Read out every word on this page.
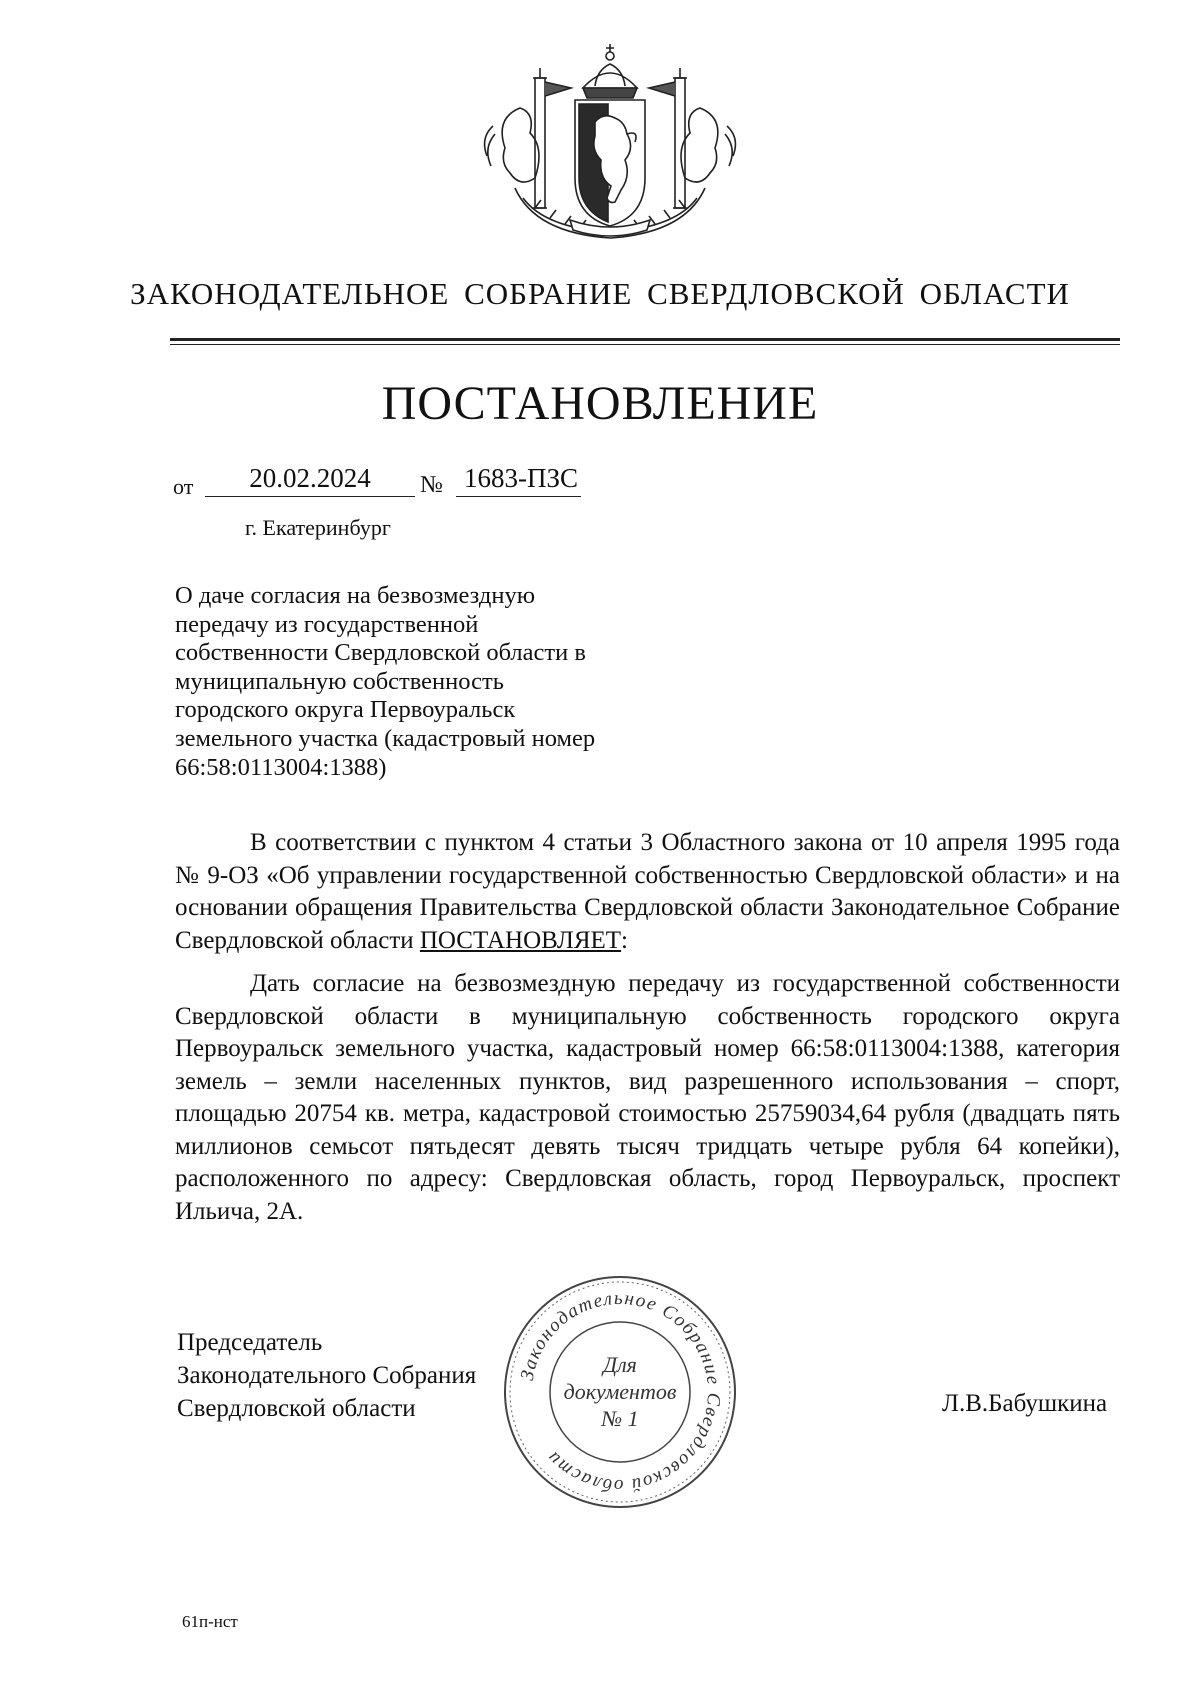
ЗАКОНОДАТЕЛЬНОЕ СОБРАНИЕ СВЕРДЛОВСКОЙ ОБЛАСТИ
ПОСТАНОВЛЕНИЕ
от	20.02.2024	№ 1683-ПЗС
г. Екатеринбург
О даче согласия на безвозмездную передачу из государственной собственности Свердловской области в муниципальную собственность городского округа Первоуральск земельного участка (кадастровый номер 66:58:0113004:1388)
В соответствии с пунктом 4 статьи 3 Областного закона от 10 апреля 1995 года № 9-ОЗ «Об управлении государственной собственностью Свердловской области» и на основании обращения Правительства Свердловской области Законодательное Собрание Свердловской области ПОСТАНОВЛЯЕТ:
Дать согласие на безвозмездную передачу из государственной собственности Свердловской области в муниципальную собственность городского округа Первоуральск земельного участка, кадастровый номер 66:58:0113004:1388, категория земель – земли населенных пунктов, вид разрешенного использования – спорт, площадью 20754 кв. метра, кадастровой стоимостью 25759034,64 рубля (двадцать пять миллионов семьсот пятьдесят девять тысяч тридцать четыре рубля 64 копейки), расположенного по адресу: Свердловская область, город Первоуральск, проспект Ильича, 2А.
Председатель
Законодательного Собрания
Свердловской области
Законодательное Собрание Свердловской области
Для
документов
№ 1
Л.В.Бабушкина
61п-нст
